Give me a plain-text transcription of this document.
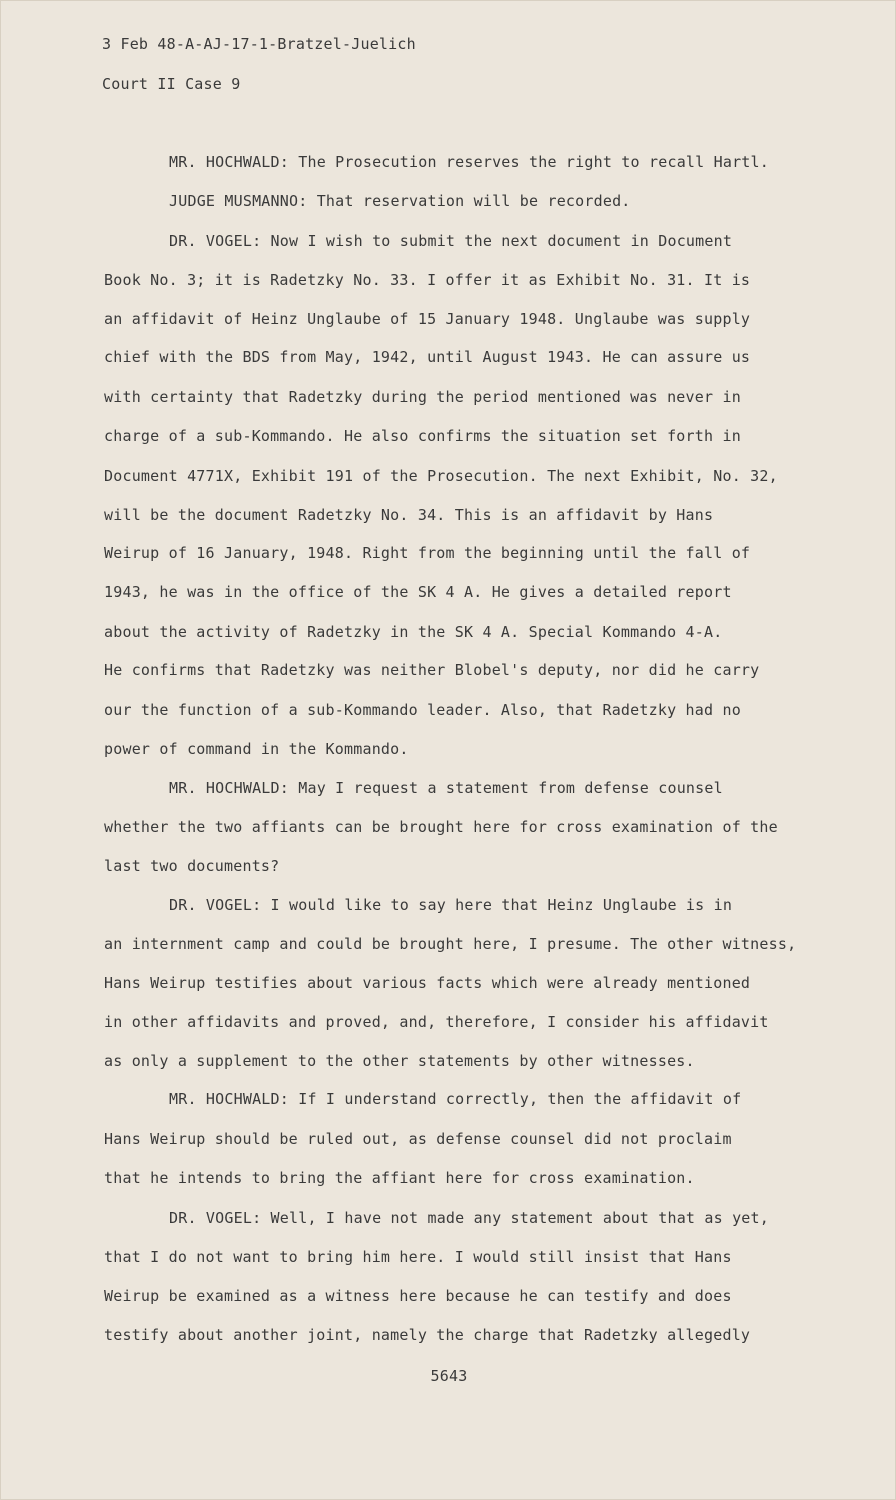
3 Feb 48-A-AJ-17-1-Bratzel-Juelich
Court II Case 9
MR. HOCHWALD: The Prosecution reserves the right to recall Hartl.
JUDGE MUSMANNO: That reservation will be recorded.
DR. VOGEL: Now I wish to submit the next document in Document
Book No. 3; it is Radetzky No. 33. I offer it as Exhibit No. 31. It is
an affidavit of Heinz Unglaube of 15 January 1948. Unglaube was supply
chief with the BDS from May, 1942, until August 1943. He can assure us
with certainty that Radetzky during the period mentioned was never in
charge of a sub-Kommando. He also confirms the situation set forth in
Document 4771X, Exhibit 191 of the Prosecution. The next Exhibit, No. 32,
will be the document Radetzky No. 34. This is an affidavit by Hans
Weirup of 16 January, 1948. Right from the beginning until the fall of
1943, he was in the office of the SK 4 A. He gives a detailed report
about the activity of Radetzky in the SK 4 A. Special Kommando 4-A.
He confirms that Radetzky was neither Blobel's deputy, nor did he carry
our the function of a sub-Kommando leader. Also, that Radetzky had no
power of command in the Kommando.
MR. HOCHWALD: May I request a statement from defense counsel
whether the two affiants can be brought here for cross examination of the
last two documents?
DR. VOGEL: I would like to say here that Heinz Unglaube is in
an internment camp and could be brought here, I presume. The other witness,
Hans Weirup testifies about various facts which were already mentioned
in other affidavits and proved, and, therefore, I consider his affidavit
as only a supplement to the other statements by other witnesses.
MR. HOCHWALD: If I understand correctly, then the affidavit of
Hans Weirup should be ruled out, as defense counsel did not proclaim
that he intends to bring the affiant here for cross examination.
DR. VOGEL: Well, I have not made any statement about that as yet,
that I do not want to bring him here. I would still insist that Hans
Weirup be examined as a witness here because he can testify and does
testify about another joint, namely the charge that Radetzky allegedly
5643
